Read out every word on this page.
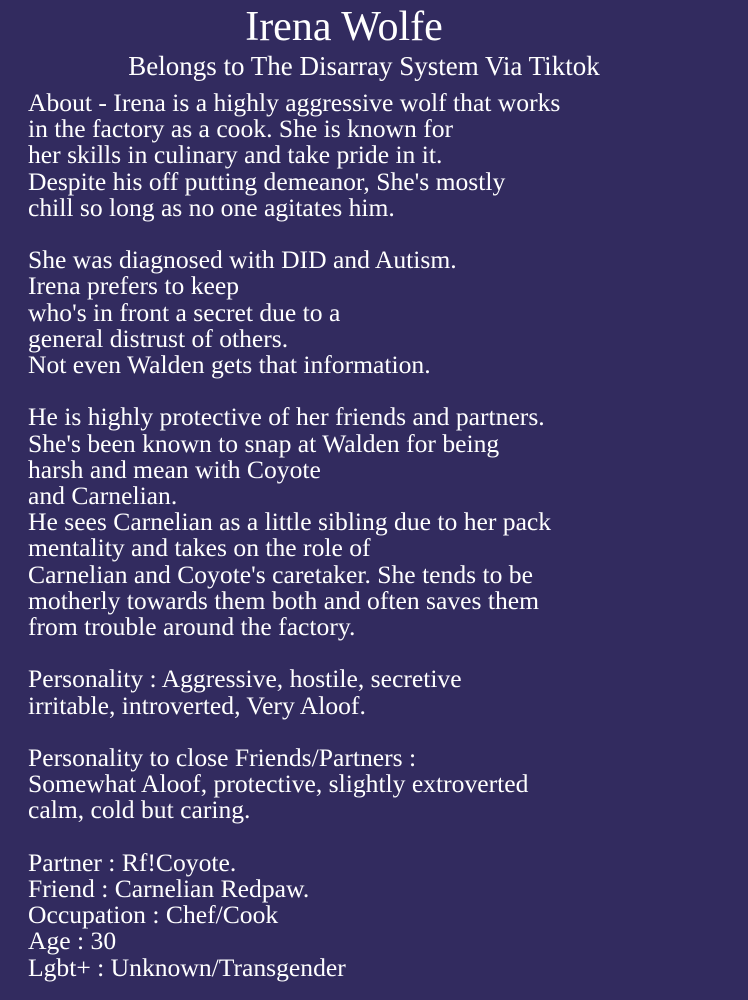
Irena Wolfe
Belongs to The Disarray System Via Tiktok
About - Irena is a highly aggressive wolf that works
in the factory as a cook. She is known for
her skills in culinary and take pride in it.
Despite his off putting demeanor, She's mostly
chill so long as no one agitates him.
She was diagnosed with DID and Autism.
Irena prefers to keep
who's in front a secret due to a
general distrust of others.
Not even Walden gets that information.
He is highly protective of her friends and partners.
She's been known to snap at Walden for being
harsh and mean with Coyote
and Carnelian.
He sees Carnelian as a little sibling due to her pack
mentality and takes on the role of
Carnelian and Coyote's caretaker. She tends to be
motherly towards them both and often saves them
from trouble around the factory.
Personality : Aggressive, hostile, secretive
irritable, introverted, Very Aloof.
Personality to close Friends/Partners :
Somewhat Aloof, protective, slightly extroverted
calm, cold but caring.
Partner : Rf!Coyote.
Friend : Carnelian Redpaw.
Occupation : Chef/Cook
Age : 30
Lgbt+ : Unknown/Transgender
